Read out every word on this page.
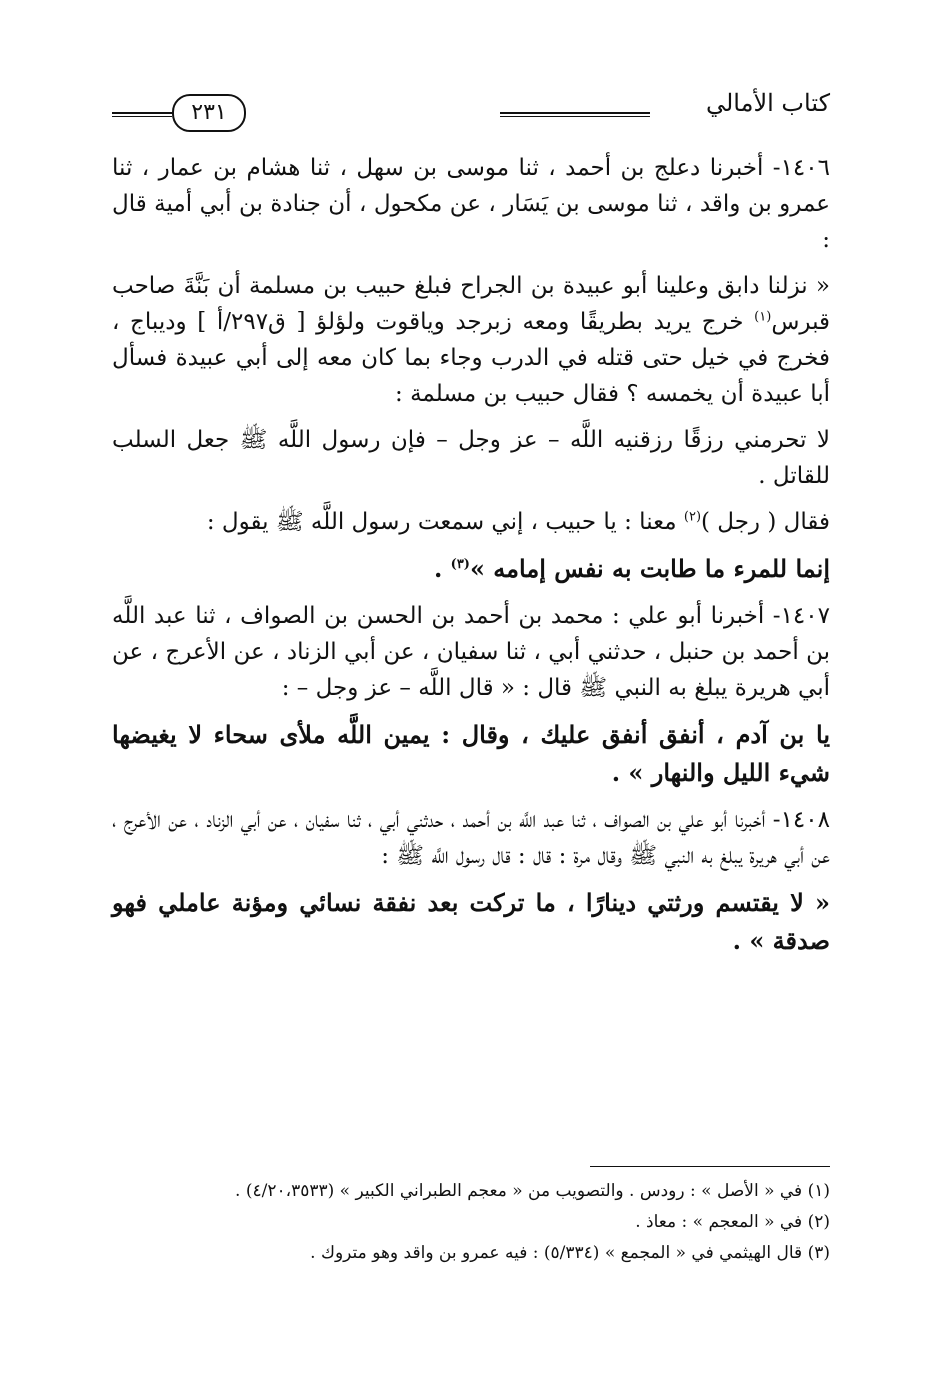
كتاب الأمالي
٢٣١

١٤٠٦- أخبرنا دعلج بن أحمد ، ثنا موسى بن سهل ، ثنا هشام بن عمار ، ثنا عمرو بن واقد ، ثنا موسى بن يَسَار ، عن مكحول ، أن جنادة بن أبي أمية قال :

« نزلنا دابق وعلينا أبو عبيدة بن الجراح فبلغ حبيب بن مسلمة أن بَنَّةَ صاحب قبرس$^{(١)}$ خرج يريد بطريقًا ومعه زبرجد وياقوت ولؤلؤ [ ق٢٩٧/أ ] وديباج ، فخرج في خيل حتى قتله في الدرب وجاء بما كان معه إلى أبي عبيدة فسأل أبا عبيدة أن يخمسه ؟ فقال حبيب بن مسلمة :

لا تحرمني رزقًا رزقنيه اللَّه – عز وجل – فإن رسول اللَّه ﷺ جعل السلب للقاتل .

فقال ( رجل )$^{(٢)}$ معنا : يا حبيب ، إني سمعت رسول اللَّه ﷺ يقول :

إنما للمرء ما طابت به نفس إمامه »$^{(٣)}$ .

١٤٠٧- أخبرنا أبو علي : محمد بن أحمد بن الحسن بن الصواف ، ثنا عبد اللَّه بن أحمد بن حنبل ، حدثني أبي ، ثنا سفيان ، عن أبي الزناد ، عن الأعرج ، عن أبي هريرة يبلغ به النبي ﷺ قال : « قال اللَّه – عز وجل – :

يا بن آدم ، أنفق أنفق عليك ، وقال : يمين اللَّه ملأى سحاء لا يغيضها شيء الليل والنهار » .

١٤٠٨- أخبرنا أبو علي بن الصواف ، ثنا عبد اللَّه بن أحمد ، حدثني أبي ، ثنا سفيان ، عن أبي الزناد ، عن الأعرج ، عن أبي هريرة يبلغ به النبي ﷺ وقال مرة : قال : قال رسول اللَّه ﷺ :

« لا يقتسم ورثتي دينارًا ، ما تركت بعد نفقة نسائي ومؤنة عاملي فهو صدقة » .

(١) في « الأصل » : رودس . والتصويب من « معجم الطبراني الكبير » (٤/٢٠،٣٥٣٣) .

(٢) في « المعجم » : معاذ .

(٣) قال الهيثمي في « المجمع » (٥/٣٣٤) : فيه عمرو بن واقد وهو متروك .
